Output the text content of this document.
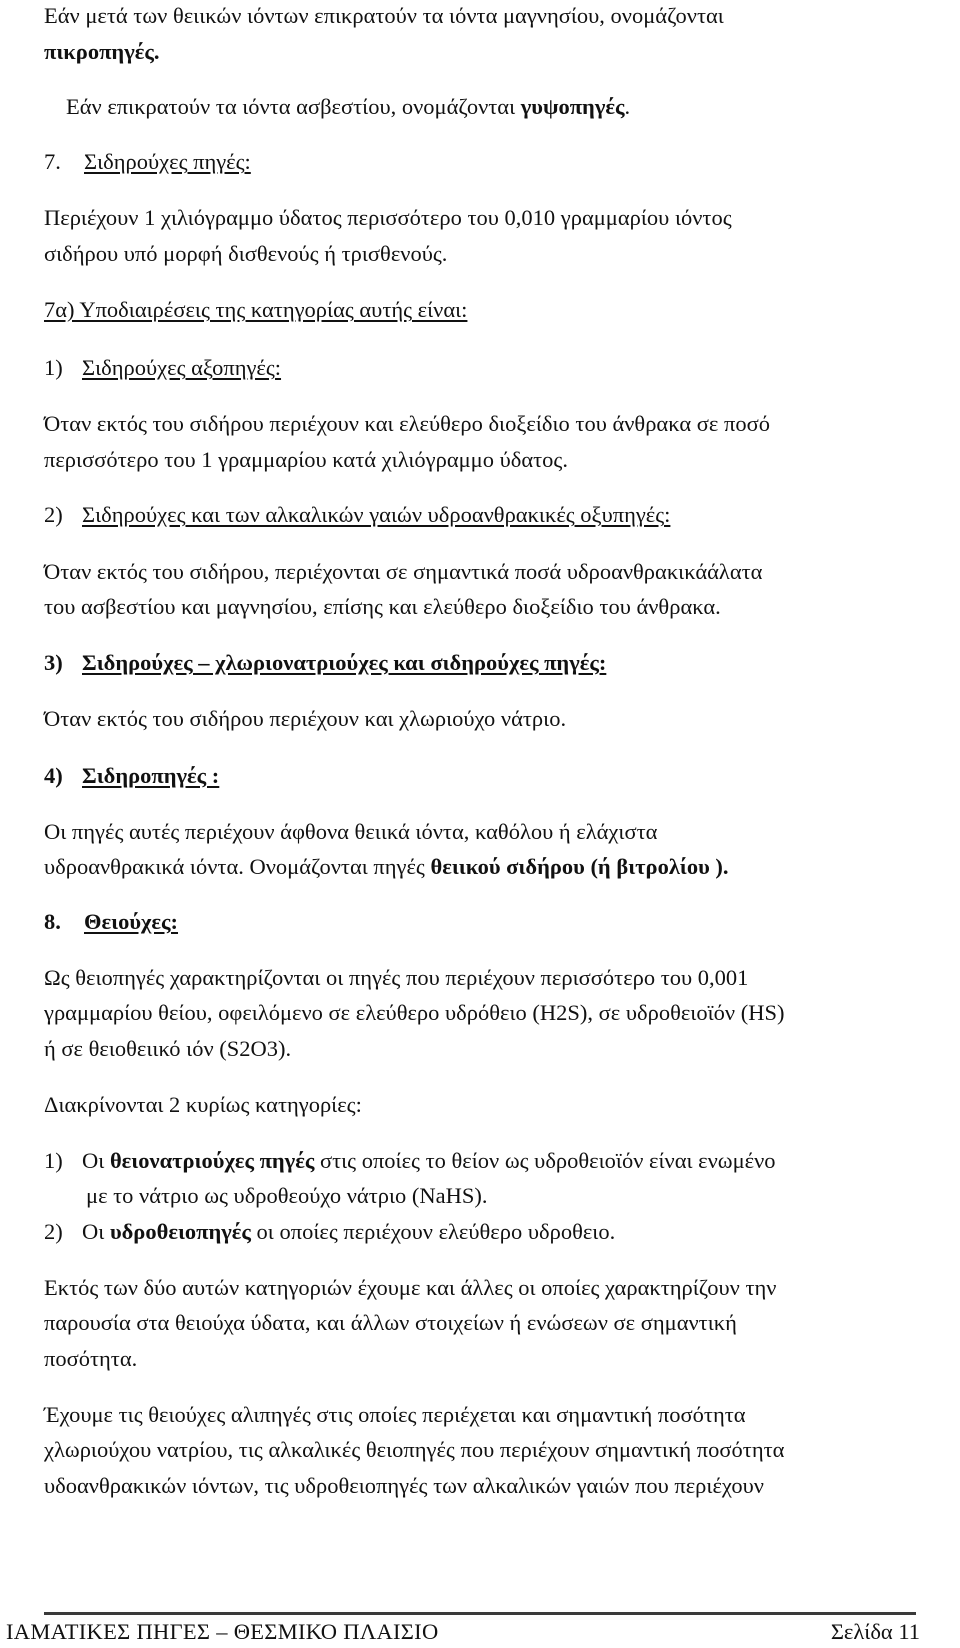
Εάν μετά των θειικών ιόντων επικρατούν τα ιόντα μαγνησίου, ονομάζονται
πικροπηγές.
Εάν επικρατούν τα ιόντα ασβεστίου, ονομάζονται γυψοπηγές.
7. Σιδηρούχες πηγές:
Περιέχουν 1 χιλιόγραμμο ύδατος περισσότερο του 0,010 γραμμαρίου ιόντος
σιδήρου υπό μορφή δισθενούς ή τρισθενούς.
7α) Υποδιαιρέσεις της κατηγορίας αυτής είναι:
1) Σιδηρούχες αξοπηγές:
Όταν εκτός του σιδήρου περιέχουν και ελεύθερο διοξείδιο του άνθρακα σε ποσό
περισσότερο του 1 γραμμαρίου κατά χιλιόγραμμο ύδατος.
2) Σιδηρούχες και των αλκαλικών γαιών υδροανθρακικές οξυπηγές:
Όταν εκτός του σιδήρου, περιέχονται σε σημαντικά ποσά υδροανθρακικάάλατα
του ασβεστίου και μαγνησίου, επίσης και ελεύθερο διοξείδιο του άνθρακα.
3) Σιδηρούχες – χλωριονατριούχες και σιδηρούχες πηγές:
Όταν εκτός του σιδήρου περιέχουν και χλωριούχο νάτριο.
4) Σιδηροπηγές :
Οι πηγές αυτές περιέχουν άφθονα θειικά ιόντα, καθόλου ή ελάχιστα
υδροανθρακικά ιόντα. Ονομάζονται πηγές θειικού σιδήρου (ή βιτρολίου ).
8. Θειούχες:
Ως θειοπηγές χαρακτηρίζονται οι πηγές που περιέχουν περισσότερο του 0,001
γραμμαρίου θείου, οφειλόμενο σε ελεύθερο υδρόθειο (H2S), σε υδροθειοϊόν (HS)
ή σε θειοθειικό ιόν (S2O3).
Διακρίνονται 2 κυρίως κατηγορίες:
1) Οι θειονατριούχες πηγές στις οποίες το θείον ως υδροθειοϊόν είναι ενωμένο
με το νάτριο ως υδροθεούχο νάτριο (NaHS).
2) Οι υδροθειοπηγές οι οποίες περιέχουν ελεύθερο υδροθειο.
Εκτός των δύο αυτών κατηγοριών έχουμε και άλλες οι οποίες χαρακτηρίζουν την
παρουσία στα θειούχα ύδατα, και άλλων στοιχείων ή ενώσεων σε σημαντική
ποσότητα.
Έχουμε τις θειούχες αλιπηγές στις οποίες περιέχεται και σημαντική ποσότητα
χλωριούχου νατρίου, τις αλκαλικές θειοπηγές που περιέχουν σημαντική ποσότητα
υδοανθρακικών ιόντων, τις υδροθειοπηγές των αλκαλικών γαιών που περιέχουν
ΙΑΜΑΤΙΚΕΣ ΠΗΓΕΣ – ΘΕΣΜΙΚΟ ΠΛΑΙΣΙΟ	Σελίδα 11
